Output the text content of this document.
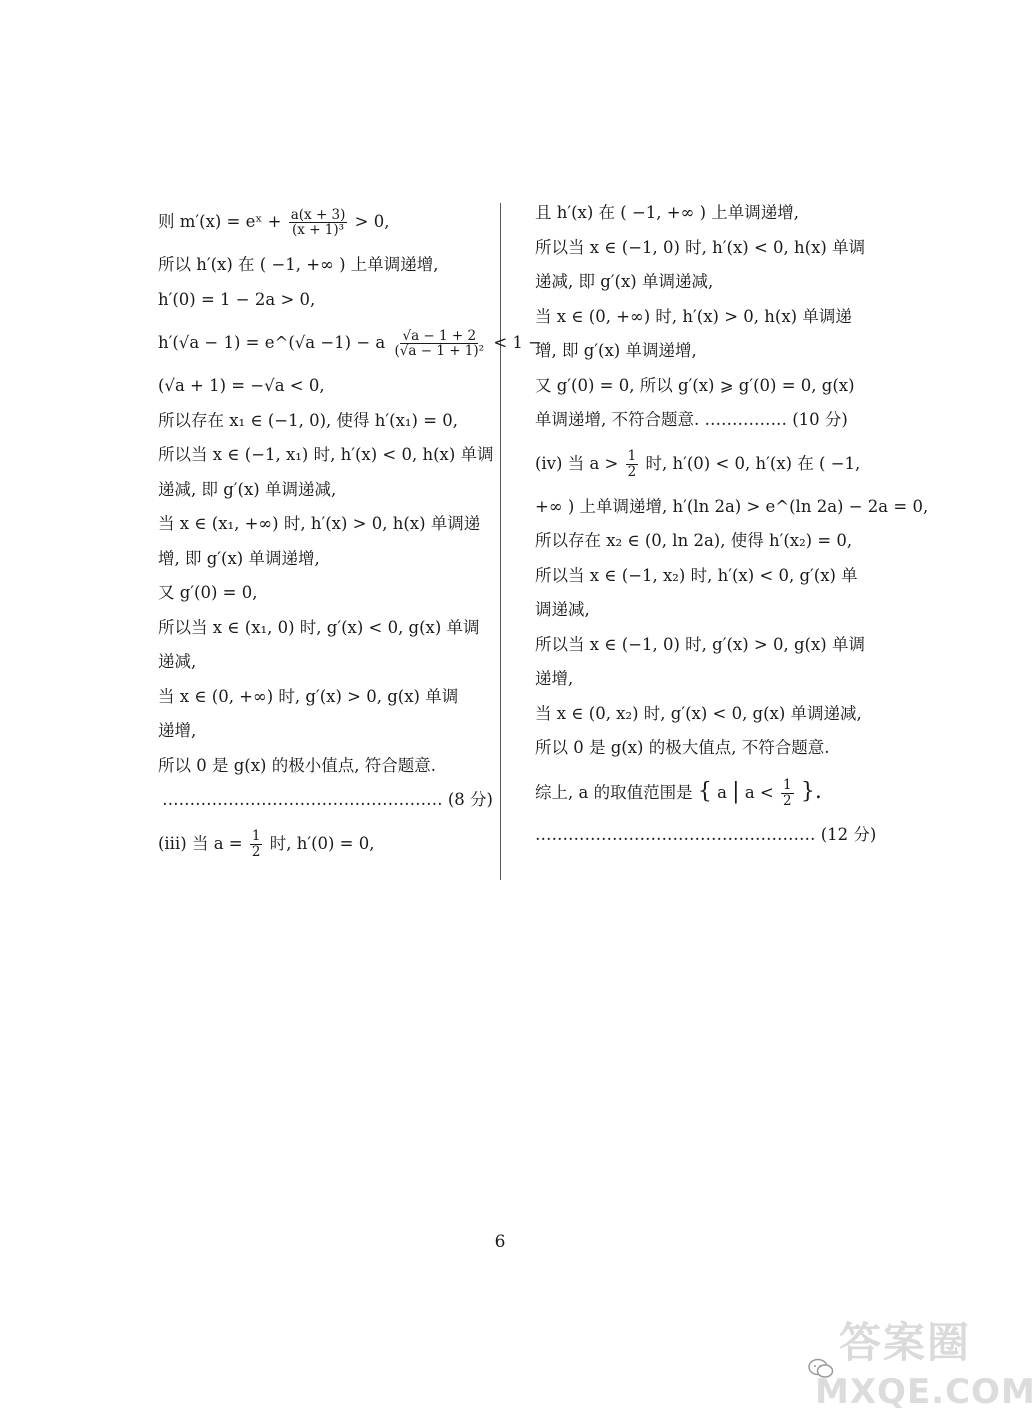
则 m′(x) = eˣ + $\frac{a(x + 3)}{\text{(x + 1)³}} > 0$,
所以 h′(x) 在 ( −1, +∞ ) 上单调递增,
h′(0) = 1 − 2a > 0,
h′(√a − 1) = e^(√a −1) − a $\frac{√a - 1 + 2}{\text{(√a − 1 + 1)²}} < 1$ −
(√a + 1) = −√a < 0,
所以存在 x₁ ∈ (−1, 0), 使得 h′(x₁) = 0,
所以当 x ∈ (−1, x₁) 时, h′(x) < 0, h(x) 单调
递减, 即 g′(x) 单调递减,
当 x ∈ (x₁, +∞) 时, h′(x) > 0, h(x) 单调递
增, 即 g′(x) 单调递增,
又 g′(0) = 0,
所以当 x ∈ (x₁, 0) 时, g′(x) < 0, g(x) 单调
递减,
当 x ∈ (0, +∞) 时, g′(x) > 0, g(x) 单调
递增,
所以 0 是 g(x) 的极小值点, 符合题意.
…………………………………………… (8 分)
(ⅲ) 当 $a = \frac{1}{2}$ 时, h′(0) = 0,
且 h′(x) 在 ( −1, +∞ ) 上单调递增,
所以当 x ∈ (−1, 0) 时, h′(x) < 0, h(x) 单调
递减, 即 g′(x) 单调递减,
当 x ∈ (0, +∞) 时, h′(x) > 0, h(x) 单调递
增, 即 g′(x) 单调递增,
又 g′(0) = 0, 所以 g′(x) ⩾ g′(0) = 0, g(x)
单调递增, 不符合题意. …………… (10 分)
(ⅳ) 当 $a > \frac{1}{2}$ 时, h′(0) < 0, h′(x) 在 ( −1,
+∞ ) 上单调递增, h′(ln 2a) > e^(ln 2a) − 2a = 0,
所以存在 x₂ ∈ (0, ln 2a), 使得 h′(x₂) = 0,
所以当 x ∈ (−1, x₂) 时, h′(x) < 0, g′(x) 单
调递减,
所以当 x ∈ (−1, 0) 时, g′(x) > 0, g(x) 单调
递增,
当 x ∈ (0, x₂) 时, g′(x) < 0, g(x) 单调递减,
所以 0 是 g(x) 的极大值点, 不符合题意.
综上, a 的取值范围是 { a | $a < \frac{1}{2}$ }.
…………………………………………… (12 分)
6
答案圈
MXQE.COM
